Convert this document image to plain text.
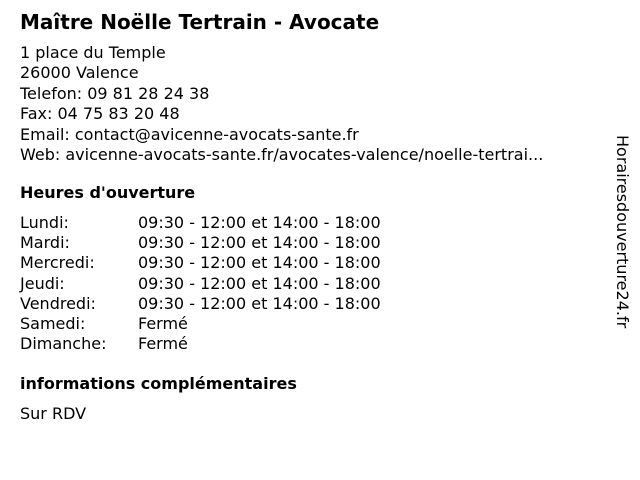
Maître Noëlle Tertrain - Avocate
1 place du Temple
26000 Valence
Telefon: 09 81 28 24 38
Fax: 04 75 83 20 48
Email: contact@avicenne-avocats-sante.fr
Web: avicenne-avocats-sante.fr/avocates-valence/noelle-tertrai...
Heures d'ouverture
Lundi:	09:30 - 12:00 et 14:00 - 18:00
Mardi:	09:30 - 12:00 et 14:00 - 18:00
Mercredi:	09:30 - 12:00 et 14:00 - 18:00
Jeudi:	09:30 - 12:00 et 14:00 - 18:00
Vendredi:	09:30 - 12:00 et 14:00 - 18:00
Samedi:	Fermé
Dimanche:	Fermé
informations complémentaires
Sur RDV
Horairesdouverture24.fr
